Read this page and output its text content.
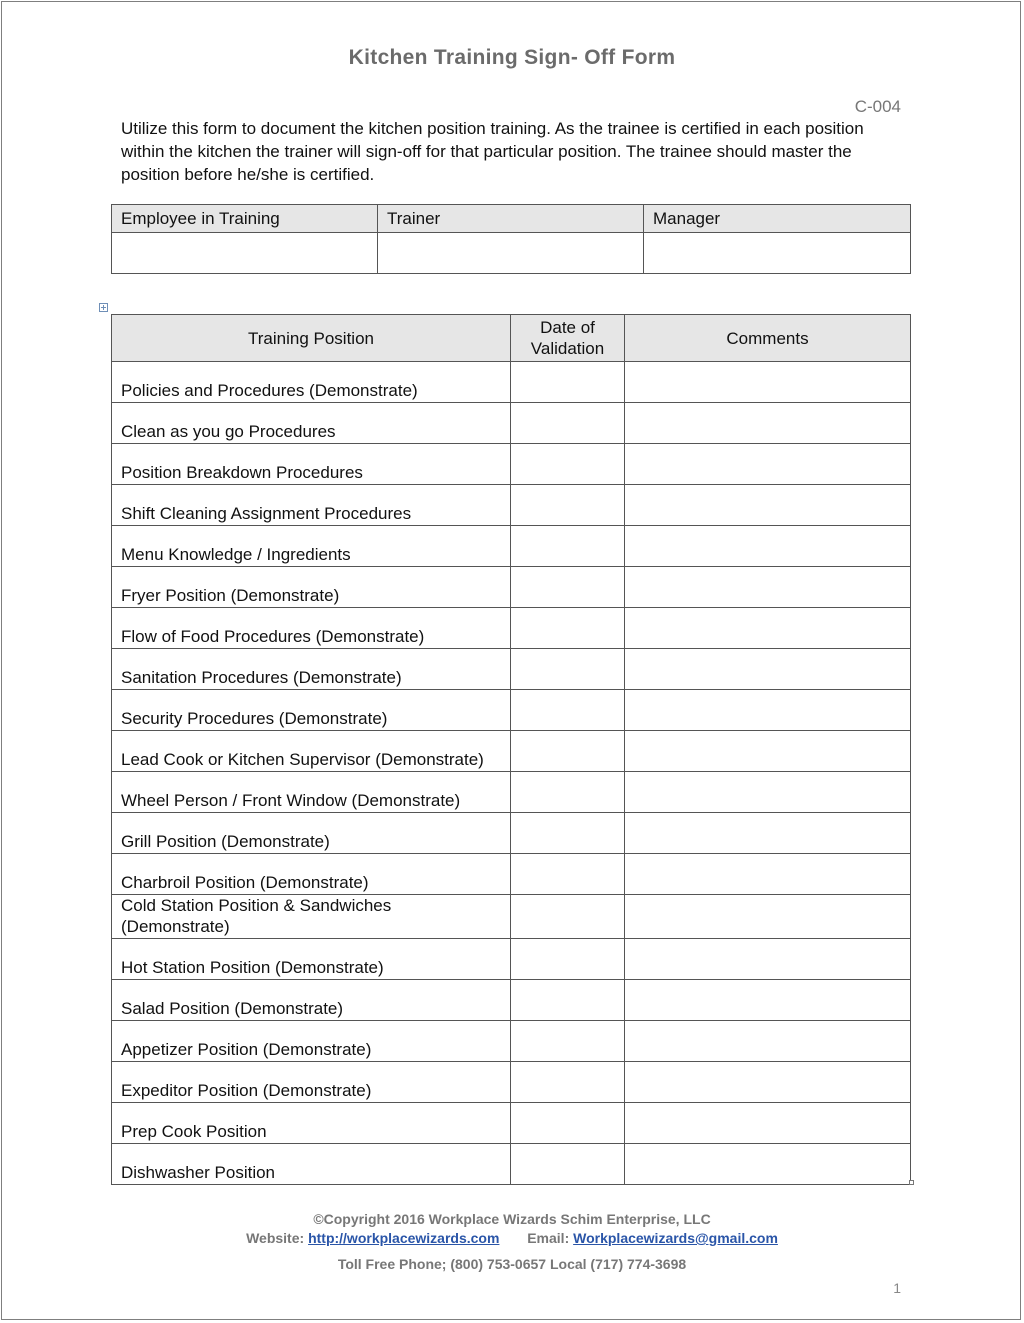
Kitchen Training Sign- Off Form
C-004
Utilize this form to document the kitchen position training. As the trainee is certified in each position within the kitchen the trainer will sign-off for that particular position. The trainee should master the position before he/she is certified.
Employee in Training	Trainer	Manager

Training Position	Date of Validation	Comments
Policies and Procedures (Demonstrate)		
Clean as you go Procedures		
Position Breakdown Procedures		
Shift Cleaning Assignment Procedures		
Menu Knowledge / Ingredients		
Fryer Position (Demonstrate)		
Flow of Food Procedures (Demonstrate)		
Sanitation Procedures (Demonstrate)		
Security Procedures (Demonstrate)		
Lead Cook or Kitchen Supervisor (Demonstrate)		
Wheel Person / Front Window (Demonstrate)		
Grill Position (Demonstrate)		
Charbroil Position (Demonstrate)		
Cold Station Position & Sandwiches (Demonstrate)		
Hot Station Position (Demonstrate)		
Salad Position (Demonstrate)		
Appetizer Position (Demonstrate)		
Expeditor Position (Demonstrate)		
Prep Cook Position		
Dishwasher Position		
©Copyright 2016 Workplace Wizards Schim Enterprise, LLC
Website: http://workplacewizards.com Email: Workplacewizards@gmail.com
Toll Free Phone; (800) 753-0657 Local (717) 774-3698
1
